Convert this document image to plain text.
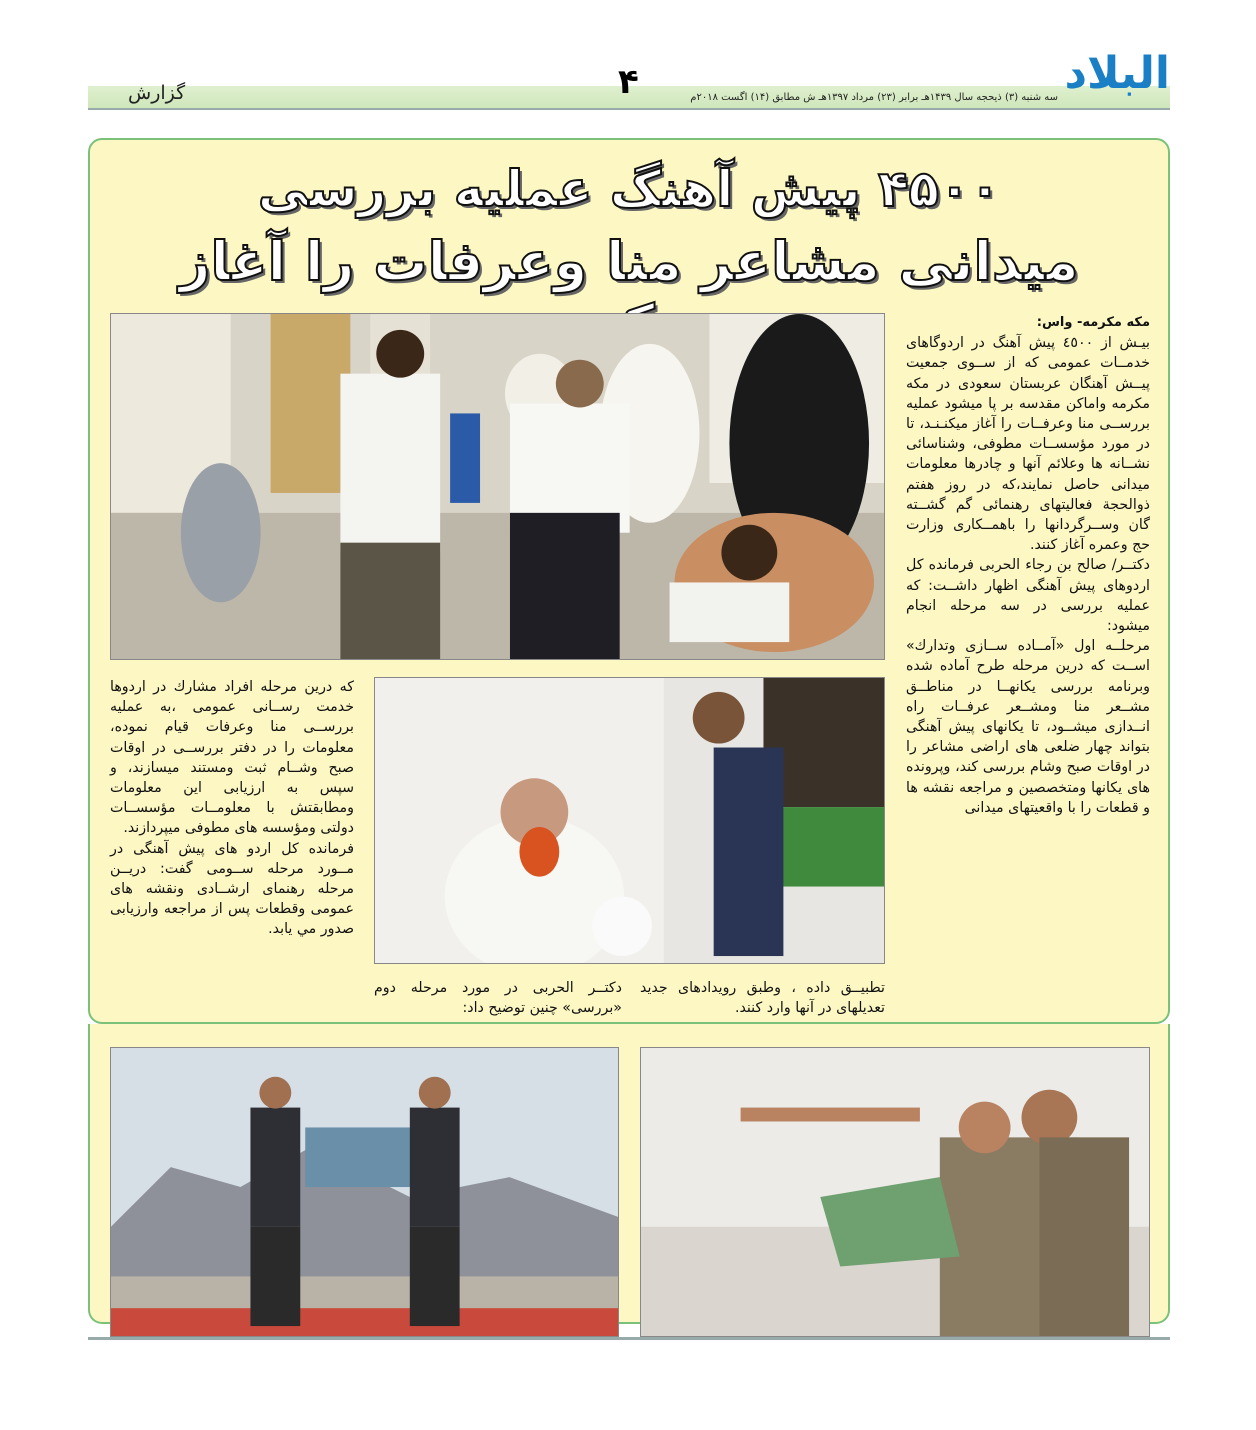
البلاد
گزارش	۴	سه شنبه (۳) ذیحجه سال ۱۴۳۹هـ برابر (۲۳) مرداد ۱۳۹۷هـ ش مطابق (۱۴) اگست ۲۰۱۸م
۴۵۰۰ پیش آهنگ عملیه بررسی
میدانی مشاعر منا وعرفات را آغاز

مكه مكرمه- واس:

بیـش از ٤٥٠٠ پیش آهنگ در اردوگاهای خدمــات عمومی که از ســوی جمعیت پیــش آهنگان عربستان سعودی در مكه مكرمه واماکن مقدسه بر پا میشود عملیه بررســی منا وعرفــات را آغاز میکنـنـد، تا در مورد مؤسســات مطوفی، وشناسائی نشــانه ها وعلائم آنها و چادرها معلومات میدانی حاصل نمایند،که در روز هفتم ذوالحجة فعالیتهای رهنمائی گم گشــته گان وســرگردانها را باهمــکاری وزارت حج وعمره آغاز كنند.

دکتــر/ صالح بن رجاء الحربی فرمانده کل اردوهای پیش آهنگی اظهار داشــت: که عملیه بررسی در سه مرحله انجام میشود:

مرحلــه اول «آمــاده ســازی وتدارك» اســت كه درین مرحله طرح آماده شده وبرنامه بررسی یکانهــا در مناطــق مشــعر منا ومشــعر عرفــات راه انــدازی میشــود، تا یکانهای پیش آهنگی بتواند چهار ضلعی های اراضی مشاعر را در اوقات صبح وشام بررسی كند، وپرونده های یکانها ومتخصصین و مراجعه نقشه ها و قطعات را با واقعیتهای میدانی

تطبیــق داده ، وطبق رویدادهای جدید تعدیلهای در آنها وارد کنند.

دکتــر الحربی در مورد مرحله دوم «بررسی» چنین توضیح داد:

که درین مرحله افراد مشارك در اردوها خدمت رســانی عمومی ،به عملیه بررســی منا وعرفات قیام نموده، معلومات را در دفتر بررســی در اوقات صبح وشــام ثبت ومستند میسازند، و سپس به ارزیابی این معلومات ومطابقتش با معلومــات مؤسســات دولتی ومؤسسه های مطوفی میپردازند.

فرمانده کل اردو های پیش آهنگی در مــورد مرحله ســومی گفت: دریــن مرحله رهنمای ارشــادی ونقشه های عمومی وقطعات پس از مراجعه وارزیابی صدور مي یابد.
